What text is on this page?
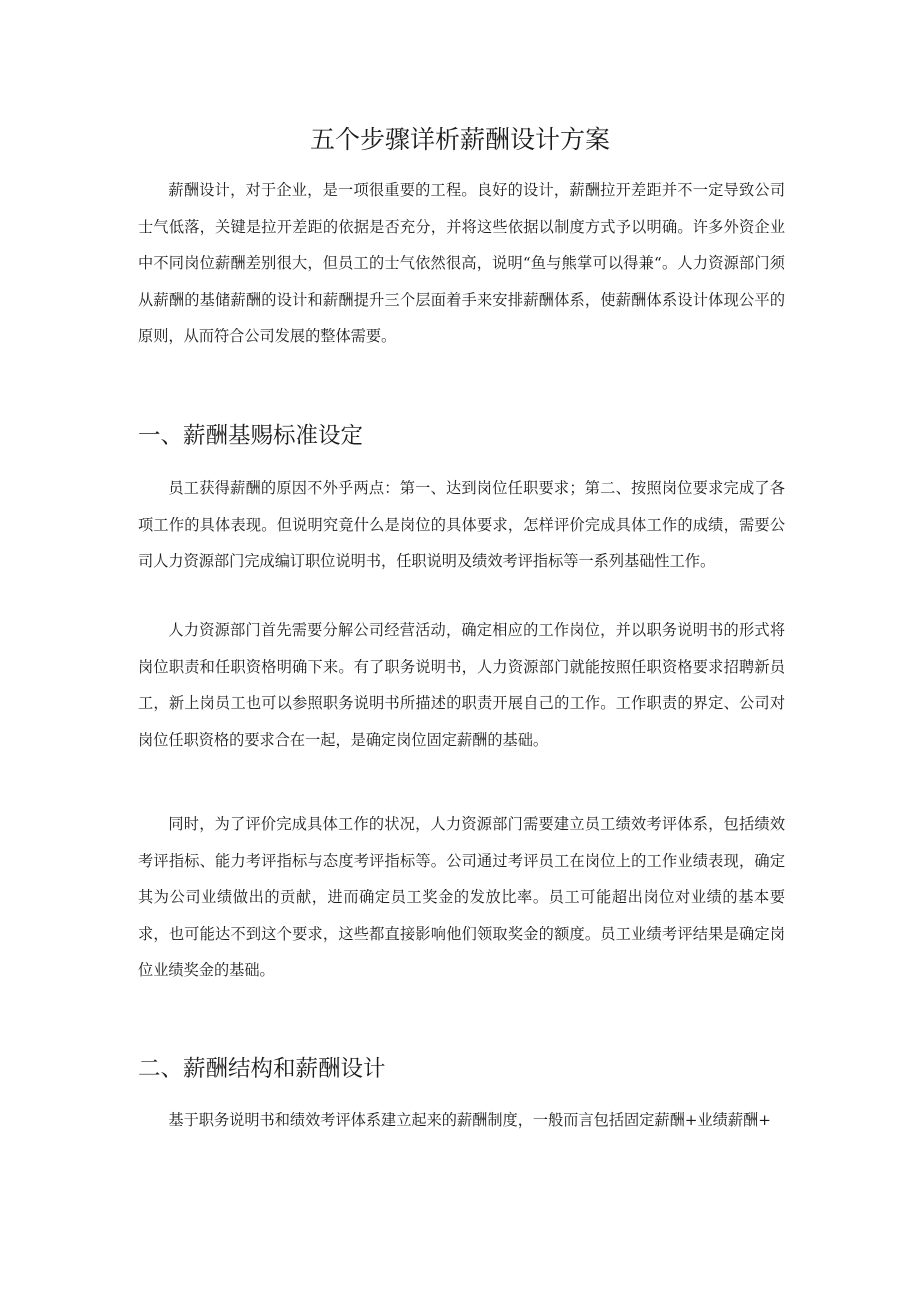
五个步骤详析薪酬设计方案

薪酬设计，对于企业，是一项很重要的工程。良好的设计，薪酬拉开差距并不一定导致公司士气低落，关键是拉开差距的依据是否充分，并将这些依据以制度方式予以明确。许多外资企业中不同岗位薪酬差别很大，但员工的士气依然很高，说明“鱼与熊掌可以得兼“。人力资源部门须从薪酬的基储薪酬的设计和薪酬提升三个层面着手来安排薪酬体系，使薪酬体系设计体现公平的原则，从而符合公司发展的整体需要。

一、薪酬基赐标准设定

员工获得薪酬的原因不外乎两点：第一、达到岗位任职要求；第二、按照岗位要求完成了各项工作的具体表现。但说明究竟什么是岗位的具体要求，怎样评价完成具体工作的成绩，需要公司人力资源部门完成编订职位说明书，任职说明及绩效考评指标等一系列基础性工作。

人力资源部门首先需要分解公司经营活动，确定相应的工作岗位，并以职务说明书的形式将岗位职责和任职资格明确下来。有了职务说明书，人力资源部门就能按照任职资格要求招聘新员工，新上岗员工也可以参照职务说明书所描述的职责开展自己的工作。工作职责的界定、公司对岗位任职资格的要求合在一起，是确定岗位固定薪酬的基础。

同时，为了评价完成具体工作的状况，人力资源部门需要建立员工绩效考评体系，包括绩效考评指标、能力考评指标与态度考评指标等。公司通过考评员工在岗位上的工作业绩表现，确定其为公司业绩做出的贡献，进而确定员工奖金的发放比率。员工可能超出岗位对业绩的基本要求，也可能达不到这个要求，这些都直接影响他们领取奖金的额度。员工业绩考评结果是确定岗位业绩奖金的基础。

二、薪酬结构和薪酬设计

基于职务说明书和绩效考评体系建立起来的薪酬制度，一般而言包括固定薪酬+业绩薪酬+
